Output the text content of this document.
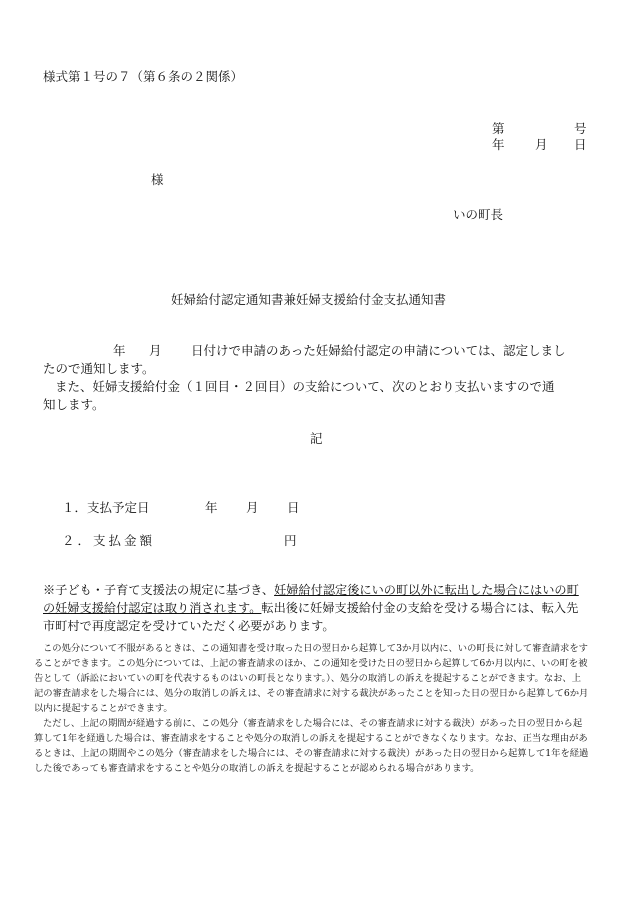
様式第１号の７（第６条の２関係）
第	号
年 月 日
様
いの町長
妊婦給付認定通知書兼妊婦支援給付金支払通知書
年 月 日付けで申請のあった妊婦給付認定の申請については、認定しまし
たので通知します。
また、妊婦支援給付金（１回目・２回目）の支給について、次のとおり支払いますので通
知します。
記
１．支払予定日	年 月 日
２．支払金額	円
※子ども・子育て支援法の規定に基づき、妊婦給付認定後にいの町以外に転出した場合にはいの町
の妊婦支援給付認定は取り消されます。転出後に妊婦支援給付金の支給を受ける場合には、転入先
市町村で再度認定を受けていただく必要があります。

この処分について不服があるときは、この通知書を受け取った日の翌日から起算して3か月以内に、いの町長に対して審査請求をすることができます。この処分については、上記の審査請求のほか、この通知を受けた日の翌日から起算して6か月以内に、いの町を被告として（訴訟においていの町を代表するものはいの町長となります。）、処分の取消しの訴えを提起することができます。なお、上記の審査請求をした場合には、処分の取消しの訴えは、その審査請求に対する裁決があったことを知った日の翌日から起算して6か月以内に提起することができます。

ただし、上記の期間が経過する前に、この処分（審査請求をした場合には、その審査請求に対する裁決）があった日の翌日から起算して1年を経過した場合は、審査請求をすることや処分の取消しの訴えを提起することができなくなります。なお、正当な理由があるときは、上記の期間やこの処分（審査請求をした場合には、その審査請求に対する裁決）があった日の翌日から起算して1年を経過した後であっても審査請求をすることや処分の取消しの訴えを提起することが認められる場合があります。
